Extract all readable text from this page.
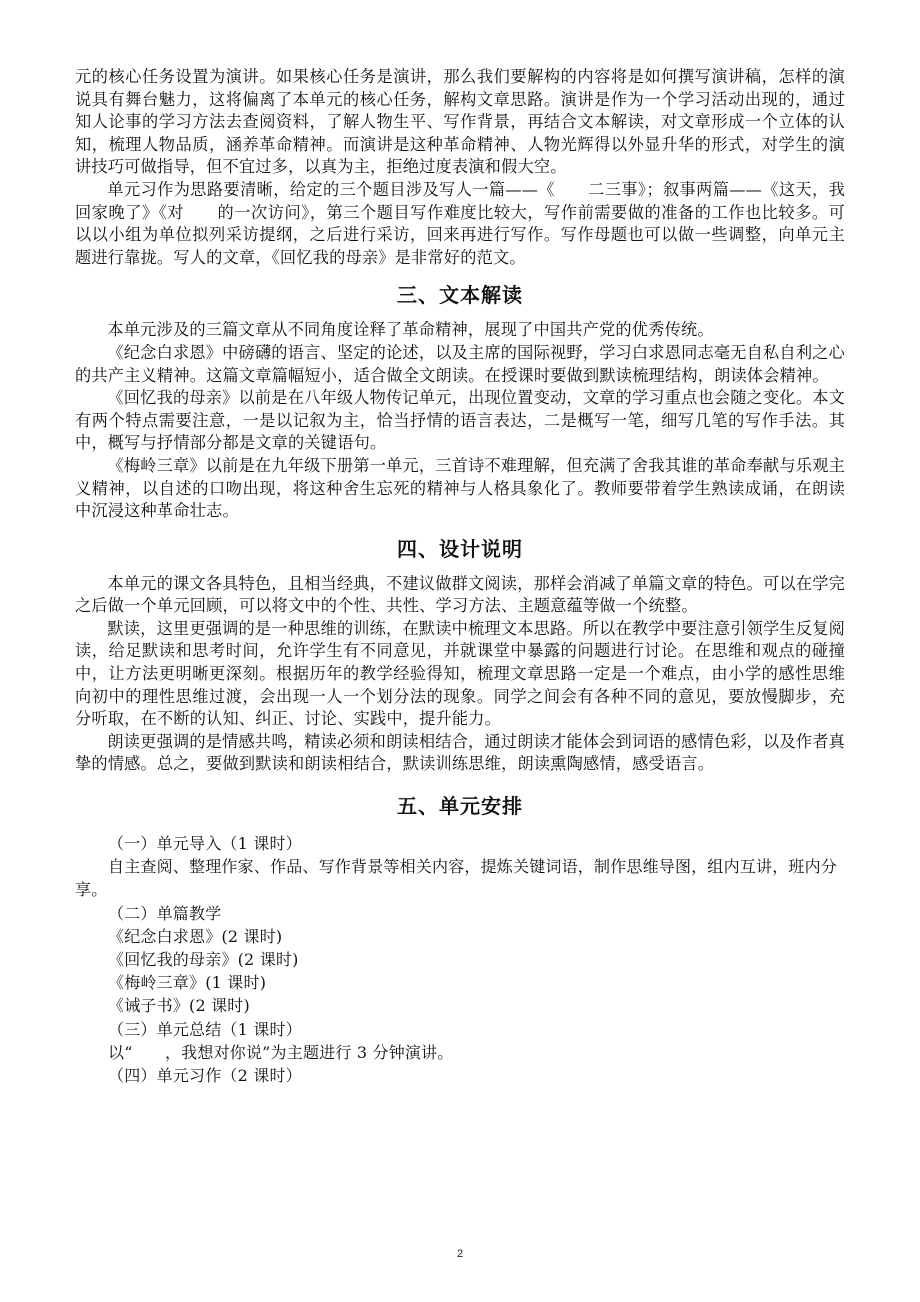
元的核心任务设置为演讲。如果核心任务是演讲，那么我们要解构的内容将是如何撰写演讲稿，怎样的演说具有舞台魅力，这将偏离了本单元的核心任务，解构文章思路。演讲是作为一个学习活动出现的，通过知人论事的学习方法去查阅资料，了解人物生平、写作背景，再结合文本解读，对文章形成一个立体的认知，梳理人物品质，涵养革命精神。而演讲是这种革命精神、人物光辉得以外显升华的形式，对学生的演讲技巧可做指导，但不宜过多，以真为主，拒绝过度表演和假大空。

单元习作为思路要清晰，给定的三个题目涉及写人一篇——《　　二三事》；叙事两篇——《这天，我回家晚了》《对　　的一次访问》，第三个题目写作难度比较大，写作前需要做的准备的工作也比较多。可以以小组为单位拟列采访提纲，之后进行采访，回来再进行写作。写作母题也可以做一些调整，向单元主题进行靠拢。写人的文章，《回忆我的母亲》是非常好的范文。

三、文本解读

本单元涉及的三篇文章从不同角度诠释了革命精神，展现了中国共产党的优秀传统。

《纪念白求恩》中磅礴的语言、坚定的论述，以及主席的国际视野，学习白求恩同志毫无自私自利之心的共产主义精神。这篇文章篇幅短小，适合做全文朗读。在授课时要做到默读梳理结构，朗读体会精神。

《回忆我的母亲》以前是在八年级人物传记单元，出现位置变动，文章的学习重点也会随之变化。本文有两个特点需要注意，一是以记叙为主，恰当抒情的语言表达，二是概写一笔，细写几笔的写作手法。其中，概写与抒情部分都是文章的关键语句。

《梅岭三章》以前是在九年级下册第一单元，三首诗不难理解，但充满了舍我其谁的革命奉献与乐观主义精神，以自述的口吻出现，将这种舍生忘死的精神与人格具象化了。教师要带着学生熟读成诵，在朗读中沉浸这种革命壮志。

四、设计说明

本单元的课文各具特色，且相当经典，不建议做群文阅读，那样会消减了单篇文章的特色。可以在学完之后做一个单元回顾，可以将文中的个性、共性、学习方法、主题意蕴等做一个统整。

默读，这里更强调的是一种思维的训练，在默读中梳理文本思路。所以在教学中要注意引领学生反复阅读，给足默读和思考时间，允许学生有不同意见，并就课堂中暴露的问题进行讨论。在思维和观点的碰撞中，让方法更明晰更深刻。根据历年的教学经验得知，梳理文章思路一定是一个难点，由小学的感性思维向初中的理性思维过渡，会出现一人一个划分法的现象。同学之间会有各种不同的意见，要放慢脚步，充分听取，在不断的认知、纠正、讨论、实践中，提升能力。

朗读更强调的是情感共鸣，精读必须和朗读相结合，通过朗读才能体会到词语的感情色彩，以及作者真挚的情感。总之，要做到默读和朗读相结合，默读训练思维，朗读熏陶感情，感受语言。

五、单元安排

（一）单元导入（1 课时）

自主查阅、整理作家、作品、写作背景等相关内容，提炼关键词语，制作思维导图，组内互讲，班内分享。

（二）单篇教学

《纪念白求恩》(2 课时)

《回忆我的母亲》(2 课时)

《梅岭三章》(1 课时)

《诫子书》(2 课时)

（三）单元总结（1 课时）

以“　　，我想对你说”为主题进行 3 分钟演讲。

（四）单元习作（2 课时）

2
